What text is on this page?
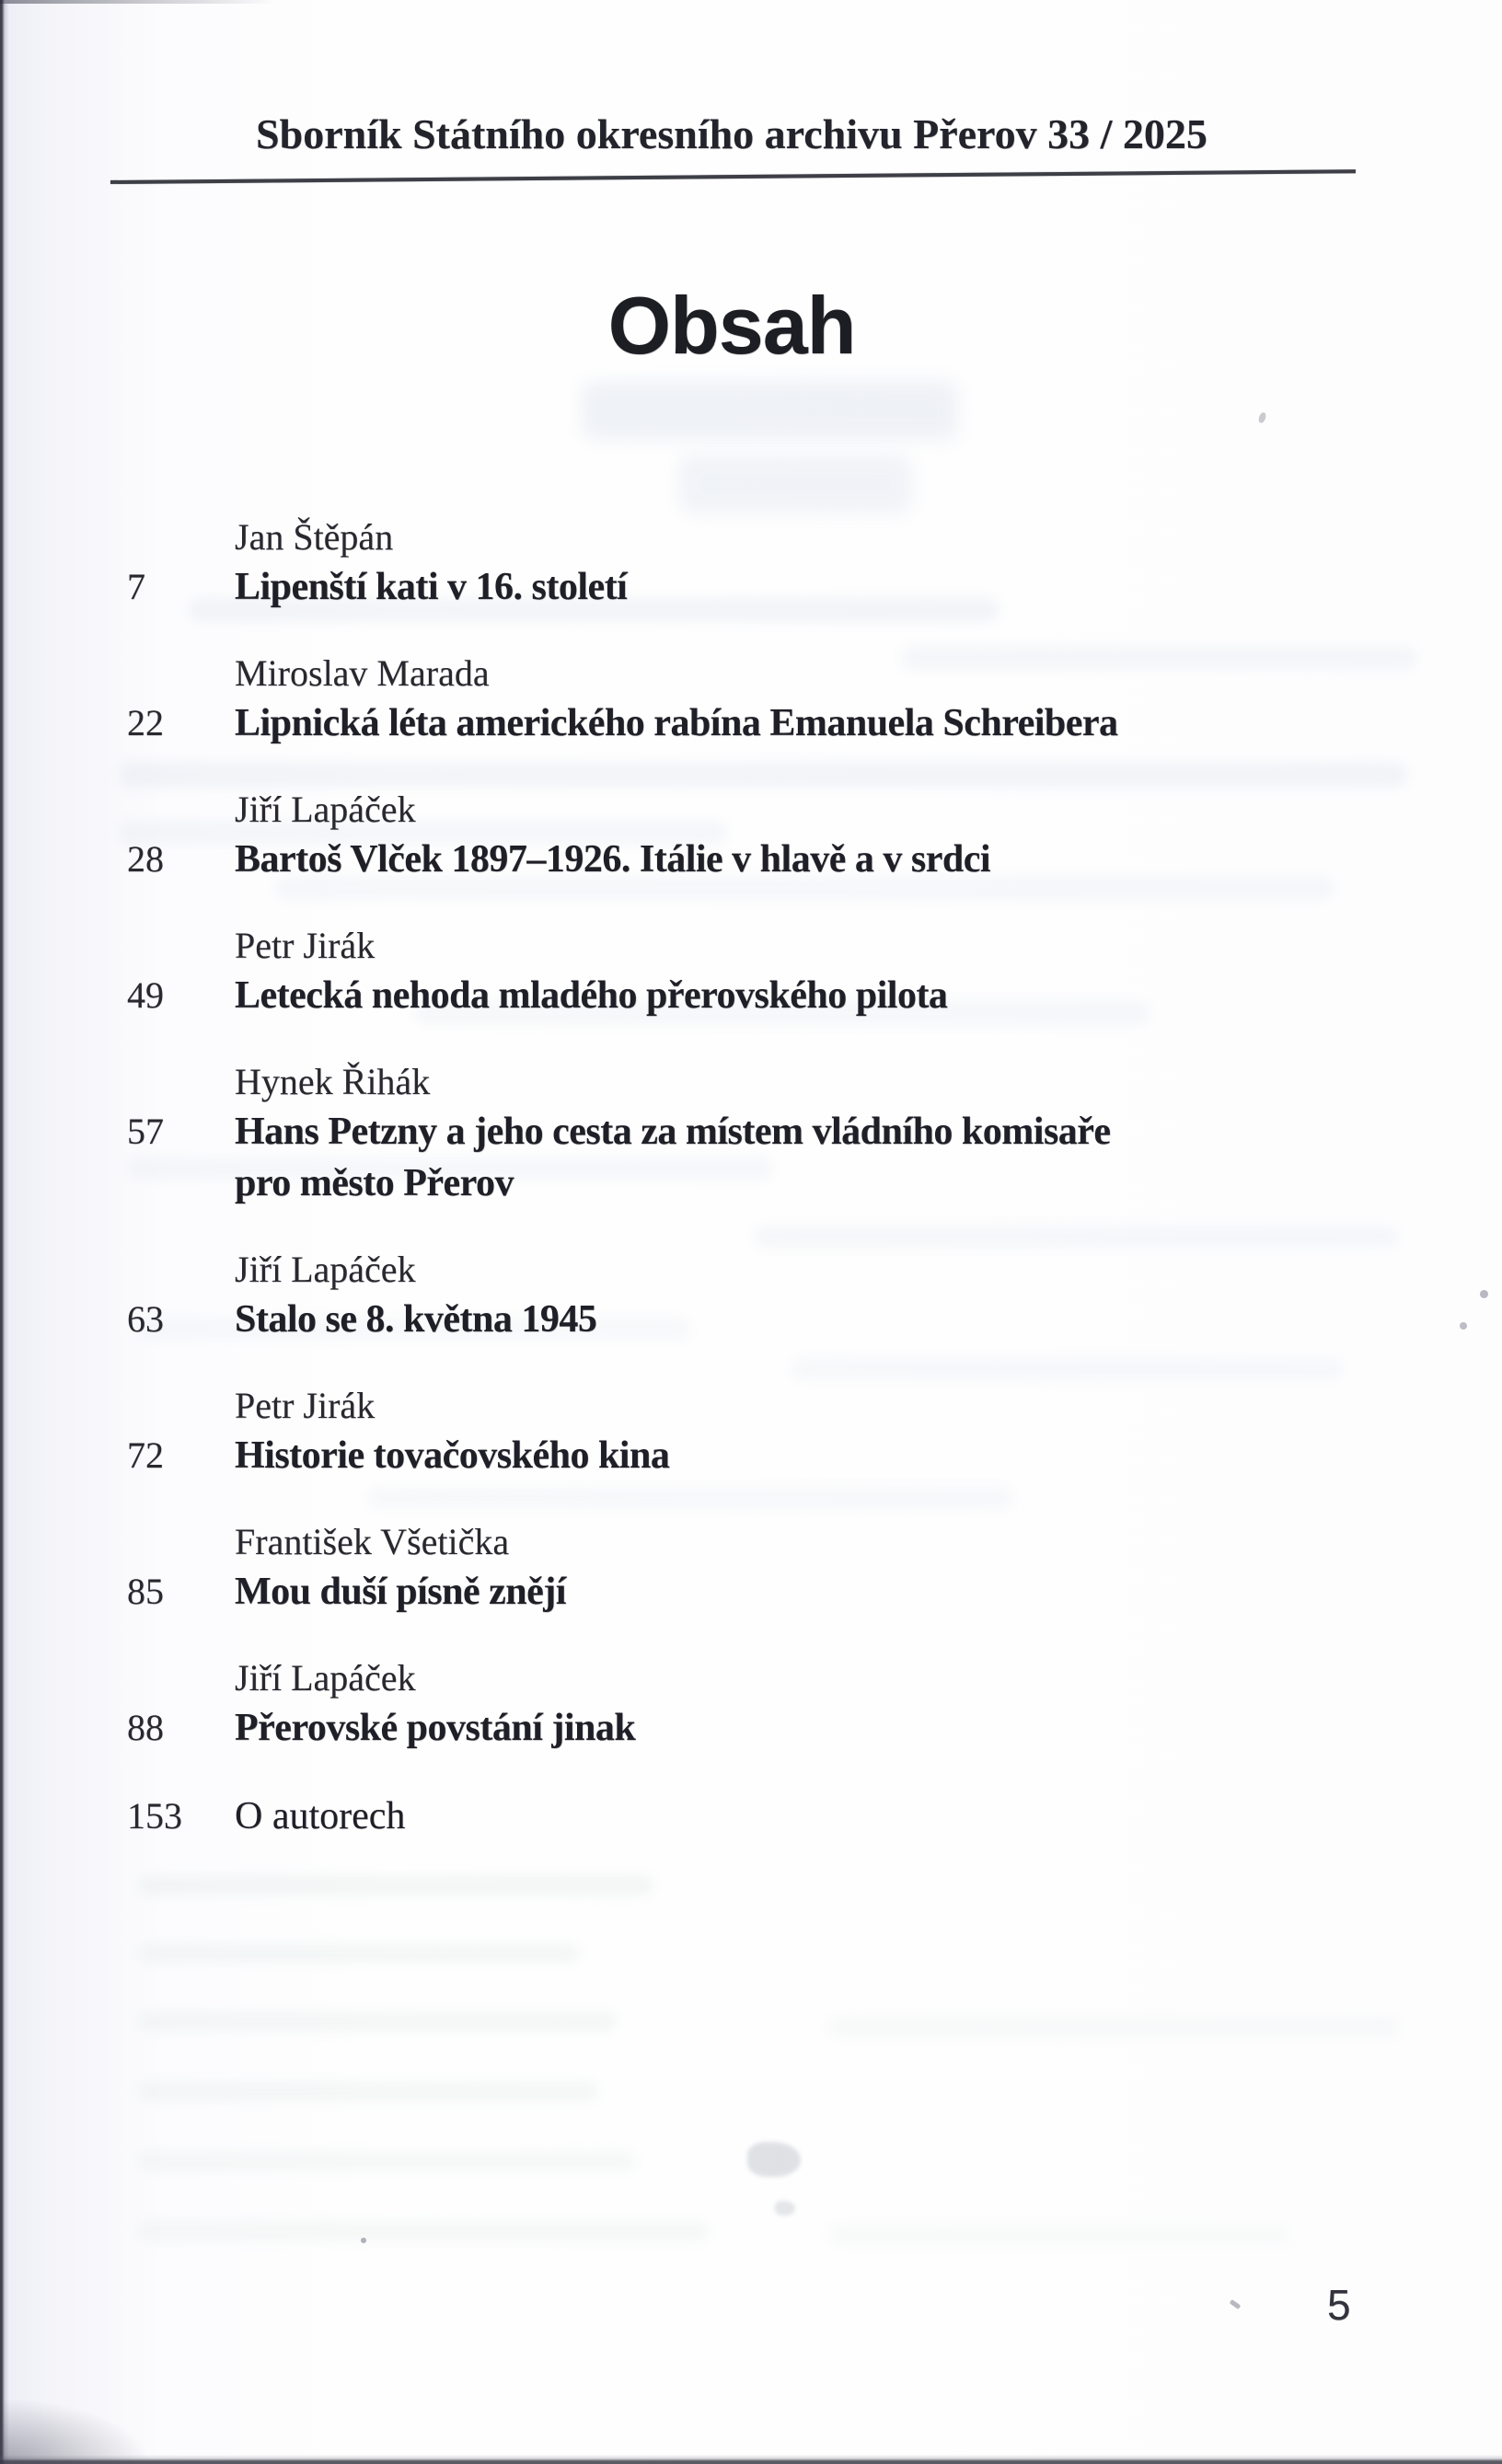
Sborník Státního okresního archivu Přerov 33 / 2025
Obsah
Jan Štěpán
7 Lipenští kati v 16. století
Miroslav Marada
22 Lipnická léta amerického rabína Emanuela Schreibera
Jiří Lapáček
28 Bartoš Vlček 1897–1926. Itálie v hlavě a v srdci
Petr Jirák
49 Letecká nehoda mladého přerovského pilota
Hynek Řihák
57 Hans Petzny a jeho cesta za místem vládního komisaře
pro město Přerov
Jiří Lapáček
63 Stalo se 8. května 1945
Petr Jirák
72 Historie tovačovského kina
František Všetička
85 Mou duší písně znějí
Jiří Lapáček
88 Přerovské povstání jinak
153 O autorech
5
